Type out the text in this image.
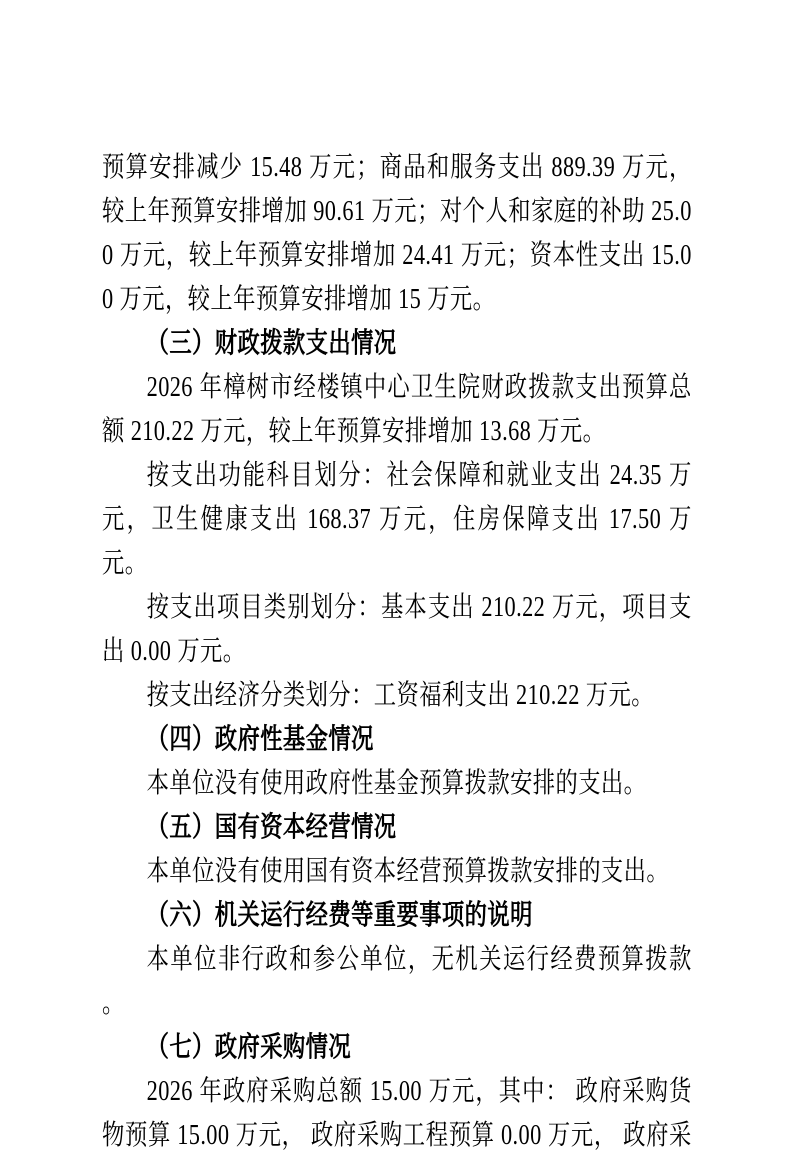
预算安排减少 15.48 万元；商品和服务支出 889.39 万元，较上年预算安排增加 90.61 万元；对个人和家庭的补助 25.00 万元，较上年预算安排增加 24.41 万元；资本性支出 15.00 万元，较上年预算安排增加 15 万元。

（三）财政拨款支出情况

2026 年樟树市经楼镇中心卫生院财政拨款支出预算总额 210.22 万元，较上年预算安排增加 13.68 万元。

按支出功能科目划分：社会保障和就业支出 24.35 万元，卫生健康支出 168.37 万元，住房保障支出 17.50 万元。

按支出项目类别划分：基本支出 210.22 万元，项目支出 0.00 万元。

按支出经济分类划分：工资福利支出 210.22 万元。

（四）政府性基金情况

本单位没有使用政府性基金预算拨款安排的支出。

（五）国有资本经营情况

本单位没有使用国有资本经营预算拨款安排的支出。

（六）机关运行经费等重要事项的说明

本单位非行政和参公单位，无机关运行经费预算拨款 。

（七）政府采购情况

2026 年政府采购总额 15.00 万元，其中： 政府采购货物预算 15.00 万元， 政府采购工程预算 0.00 万元， 政府采
